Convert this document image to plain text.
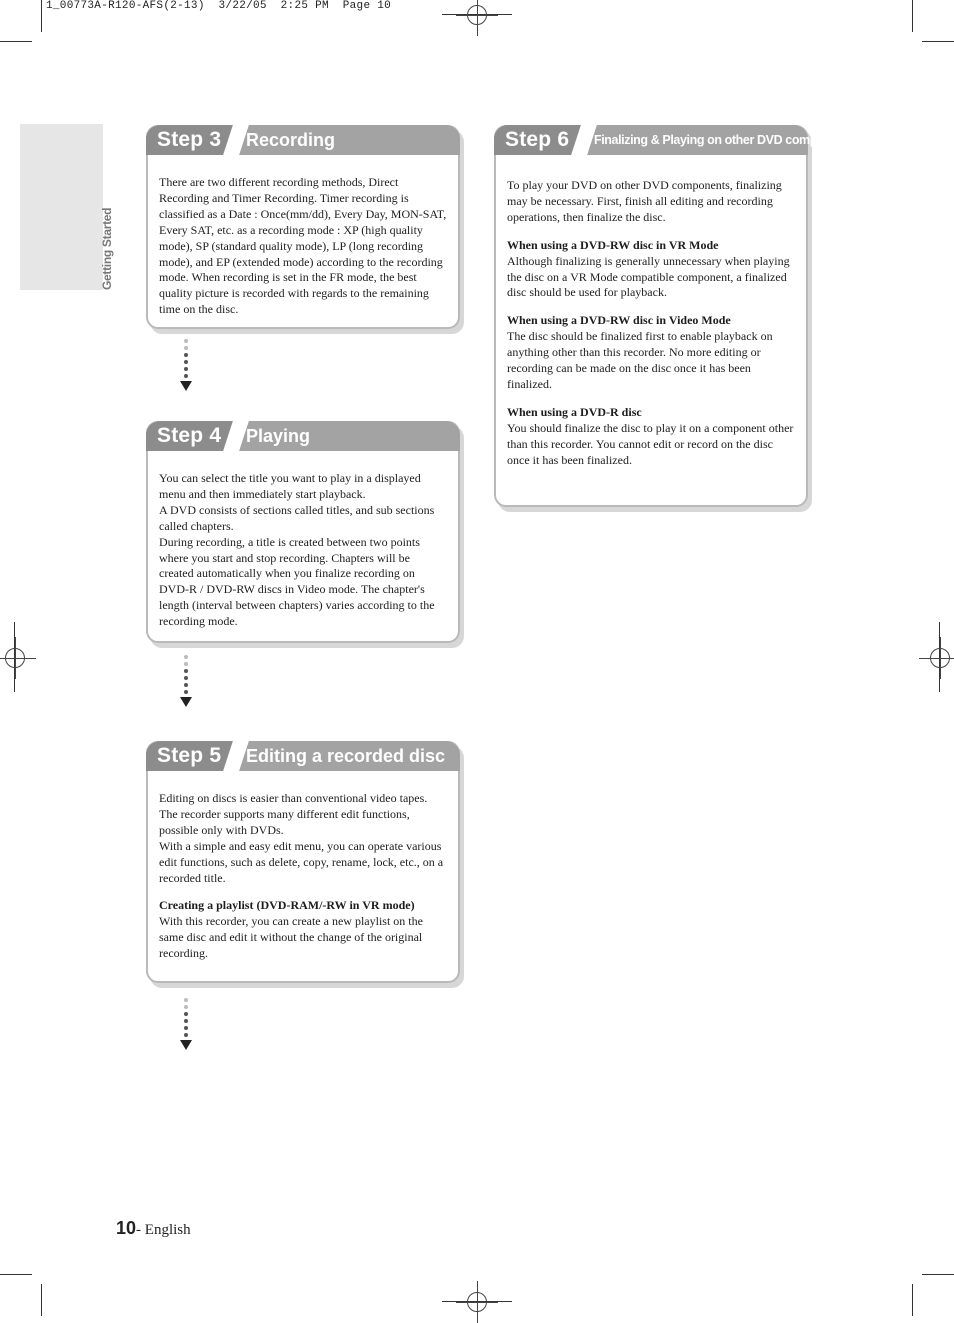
1_00773A-R120-AFS(2-13)  3/22/05  2:25 PM  Page 10
Getting Started
Step 3	Recording

There are two different recording methods, Direct Recording and Timer Recording. Timer recording is classified as a Date : Once(mm/dd), Every Day, MON-SAT, Every SAT, etc. as a recording mode : XP (high quality mode), SP (standard quality mode), LP (long recording mode), and EP (extended mode) according to the recording mode. When recording is set in the FR mode, the best quality picture is recorded with regards to the remaining time on the disc.

Step 4	Playing

You can select the title you want to play in a displayed menu and then immediately start playback.

A DVD consists of sections called titles, and sub sections called chapters.

During recording, a title is created between two points where you start and stop recording. Chapters will be created automatically when you finalize recording on DVD-R / DVD-RW discs in Video mode. The chapter's length (interval between chapters) varies according to the recording mode.

Step 5	Editing a recorded disc

Editing on discs is easier than conventional video tapes.

The recorder supports many different edit functions, possible only with DVDs.

With a simple and easy edit menu, you can operate various edit functions, such as delete, copy, rename, lock, etc., on a recorded title.

Creating a playlist (DVD-RAM/-RW in VR mode)

With this recorder, you can create a new playlist on the same disc and edit it without the change of the original recording.

Step 6	Finalizing & Playing on other DVD components

To play your DVD on other DVD components, finalizing may be necessary. First, finish all editing and recording operations, then finalize the disc.

When using a DVD-RW disc in VR Mode

Although finalizing is generally unnecessary when playing the disc on a VR Mode compatible component, a finalized disc should be used for playback.

When using a DVD-RW disc in Video Mode

The disc should be finalized first to enable playback on anything other than this recorder. No more editing or recording can be made on the disc once it has been finalized.

When using a DVD-R disc

You should finalize the disc to play it on a component other than this recorder. You cannot edit or record on the disc once it has been finalized.

10- English
